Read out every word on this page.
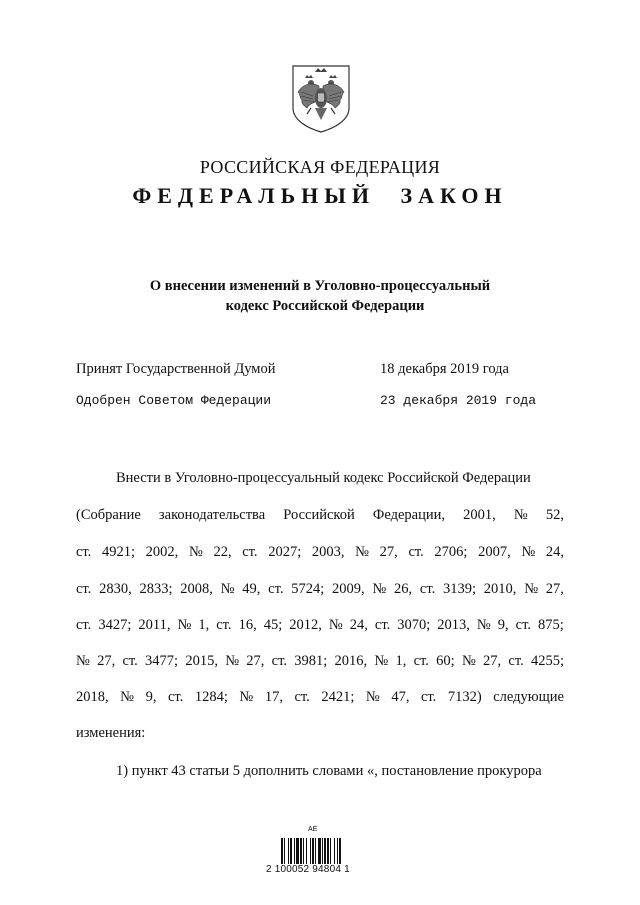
РОССИЙСКАЯ ФЕДЕРАЦИЯ
ФЕДЕРАЛЬНЫЙ ЗАКОН
О внесении изменений в Уголовно-процессуальный

кодекс Российской Федерации
Принят Государственной Думой	18 декабря 2019 года
Одобрен Советом Федерации	23 декабря 2019 года
Внести в Уголовно-процессуальный кодекс Российской Федерации
(Собрание законодательства Российской Федерации, 2001, № 52,
ст. 4921; 2002, № 22, ст. 2027; 2003, № 27, ст. 2706; 2007, № 24,
ст. 2830, 2833; 2008, № 49, ст. 5724; 2009, № 26, ст. 3139; 2010, № 27,
ст. 3427; 2011, № 1, ст. 16, 45; 2012, № 24, ст. 3070; 2013, № 9, ст. 875;
№ 27, ст. 3477; 2015, № 27, ст. 3981; 2016, № 1, ст. 60; № 27, ст. 4255;
2018, № 9, ст. 1284; № 17, ст. 2421; № 47, ст. 7132) следующие
изменения:
1) пункт 43 статьи 5 дополнить словами «, постановление прокурора
АЕ
2 100052 94804 1
